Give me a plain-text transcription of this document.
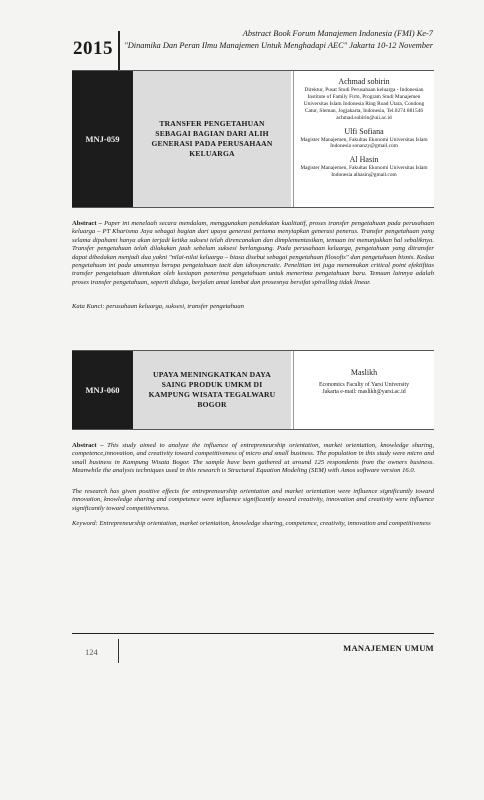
2015
Abstract Book Forum Manajemen Indonesia (FMI) Ke-7
"Dinamika Dan Peran Ilmu Manajemen Untuk Menghadapi AEC" Jakarta 10-12 November
MNJ-059
TRANSFER PENGETAHUAN SEBAGAI BAGIAN DARI ALIH GENERASI PADA PERUSAHAAN KELUARGA
Achmad sobirin
Direktur, Pusat Studi Perusahaan keluarga - Indonesian Institute of Family Firm, Program Studi Manajemen Universitas Islam Indonesia Ring Road Utara, Condong Catur, Sleman, Jogjakarta, Indonesia, Tel.0274 881546 achmad.sobirin@uii.ac.id
Ulfi Sofiana
Magister Manajemen, Fakultas Ekonomi Universitas Islam Indonesia sonanzy@gmail.com
Al Hasin
Magister Manajemen, Fakultas Ekonomi Universitas Islam Indonesia alhasin@gmail.com
Abstract – Paper ini menelaah secara mendalam, menggunakan pendekatan kualitatif, proses transfer pengetahuan pada perusahaan keluarga – PT Kharisma Jaya sebagai bagian dari upaya generasi pertama menyiapkan generasi penerus. Transfer pengetahuan yang selama dipahami hanya akan terjadi ketika suksesi telah direncanakan dan dimplementasikan, temuan ini menunjukkan hal sebaliknya. Transfer pengetahuan telah dilakukan jauh sebelum suksesi berlangsung. Pada perusahaan keluarga, pengetahuan yang ditransfer dapat dibedakan menjadi dua yakni "nilai-nilai keluarga – biasa disebut sebagai pengetahuan filosofis" dan pengetahuan bisnis. Kedua pengetahuan ini pada umumnya berupa pengetahuan tacit dan idiosyncratic. Penelitian ini juga menemukan critical point efektifitas transfer pengetahuan ditentukan oleh kesiapan penerima pengetahuan untuk menerima pengetahuan baru. Temuan lainnya adalah proses transfer pengetahuan, seperti diduga, berjalan amat lambat dan prosesnya bersifat spiralling tidak linear.
Kata Kunci: perusahaan keluarga, suksesi, transfer pengetahuan
MNJ-060
UPAYA MENINGKATKAN DAYA SAING PRODUK UMKM DI KAMPUNG WISATA TEGALWARU BOGOR
Maslikh
Economics Faculty of Yarsi University Jakarta e-mail: maslikh@yarsi.ac.id
Abstract – This study aimed to analyze the influence of entrepreneurship orientation, market orientation, knowledge sharing, competence,innovation, and creativity toward competitiveness of micro and small business. The population in this study were micro and small business in Kampung Wisata Bogor. The sample have been gathered at around 125 respondents from the owners business. Meanwhile the analysis techniques used in this research is Structural Equation Modeling (SEM) with Amos software version 16.0.
The research has given positive effects for entrepreneurship orientation and market orientation were influence significantly toward innovation, knowledge sharing and competence were influence significantly toward creativity, innovation and creativity were influence significantly toward competitiveness.
Keyword: Entrepreneurship orientation, market orientation, knowledge sharing, competence, creativity, innovation and competitiveness
124	MANAJEMEN UMUM
